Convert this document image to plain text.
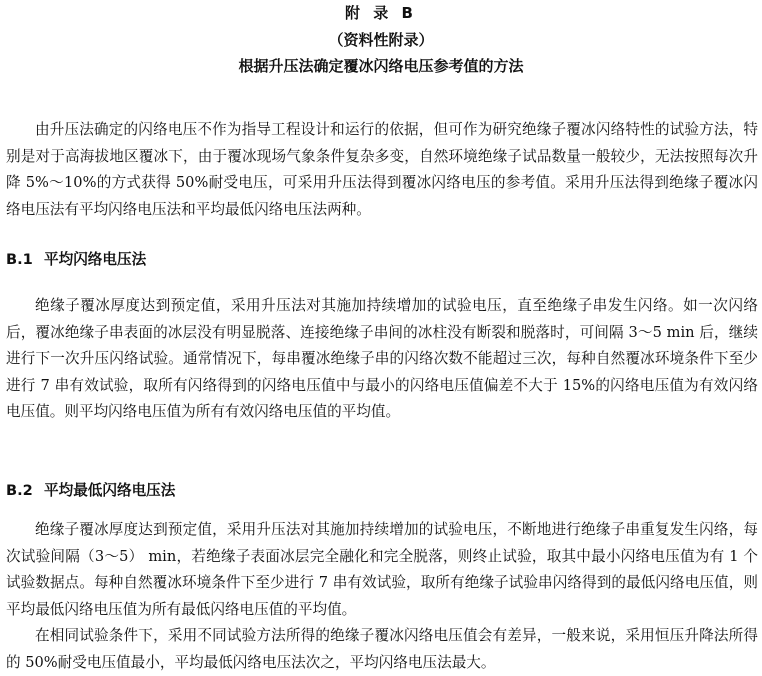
附 录 B
（资料性附录）
根据升压法确定覆冰闪络电压参考值的方法

由升压法确定的闪络电压不作为指导工程设计和运行的依据，但可作为研究绝缘子覆冰闪络特性的试验方法，特别是对于高海拔地区覆冰下，由于覆冰现场气象条件复杂多变，自然环境绝缘子试品数量一般较少，无法按照每次升降 5%～10%的方式获得 50%耐受电压，可采用升压法得到覆冰闪络电压的参考值。采用升压法得到绝缘子覆冰闪络电压法有平均闪络电压法和平均最低闪络电压法两种。

B.1 平均闪络电压法

绝缘子覆冰厚度达到预定值，采用升压法对其施加持续增加的试验电压，直至绝缘子串发生闪络。如一次闪络后，覆冰绝缘子串表面的冰层没有明显脱落、连接绝缘子串间的冰柱没有断裂和脱落时，可间隔 3～5 min 后，继续进行下一次升压闪络试验。通常情况下，每串覆冰绝缘子串的闪络次数不能超过三次，每种自然覆冰环境条件下至少进行 7 串有效试验，取所有闪络得到的闪络电压值中与最小的闪络电压值偏差不大于 15%的闪络电压值为有效闪络电压值。则平均闪络电压值为所有有效闪络电压值的平均值。

B.2 平均最低闪络电压法

绝缘子覆冰厚度达到预定值，采用升压法对其施加持续增加的试验电压，不断地进行绝缘子串重复发生闪络，每次试验间隔（3～5） min，若绝缘子表面冰层完全融化和完全脱落，则终止试验，取其中最小闪络电压值为有 1 个试验数据点。每种自然覆冰环境条件下至少进行 7 串有效试验，取所有绝缘子试验串闪络得到的最低闪络电压值，则平均最低闪络电压值为所有最低闪络电压值的平均值。

在相同试验条件下，采用不同试验方法所得的绝缘子覆冰闪络电压值会有差异，一般来说，采用恒压升降法所得的 50%耐受电压值最小，平均最低闪络电压法次之，平均闪络电压法最大。
